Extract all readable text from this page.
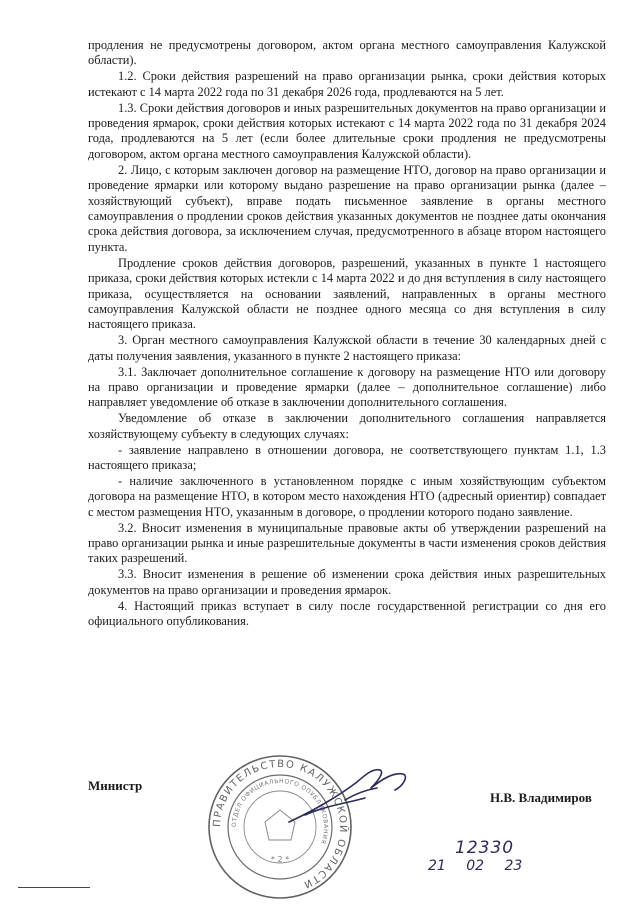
продления не предусмотрены договором, актом органа местного самоуправления Калужской области).

1.2. Сроки действия разрешений на право организации рынка, сроки действия которых истекают с 14 марта 2022 года по 31 декабря 2026 года, продлеваются на 5 лет.

1.3. Сроки действия договоров и иных разрешительных документов на право организации и проведения ярмарок, сроки действия которых истекают с 14 марта 2022 года по 31 декабря 2024 года, продлеваются на 5 лет (если более длительные сроки продления не предусмотрены договором, актом органа местного самоуправления Калужской области).

2. Лицо, с которым заключен договор на размещение НТО, договор на право организации и проведение ярмарки или которому выдано разрешение на право организации рынка (далее – хозяйствующий субъект), вправе подать письменное заявление в органы местного самоуправления о продлении сроков действия указанных документов не позднее даты окончания срока действия договора, за исключением случая, предусмотренного в абзаце втором настоящего пункта.

Продление сроков действия договоров, разрешений, указанных в пункте 1 настоящего приказа, сроки действия которых истекли с 14 марта 2022 и до дня вступления в силу настоящего приказа, осуществляется на основании заявлений, направленных в органы местного самоуправления Калужской области не позднее одного месяца со дня вступления в силу настоящего приказа.

3. Орган местного самоуправления Калужской области в течение 30 календарных дней с даты получения заявления, указанного в пункте 2 настоящего приказа:

3.1. Заключает дополнительное соглашение к договору на размещение НТО или договору на право организации и проведение ярмарки (далее – дополнительное соглашение) либо направляет уведомление об отказе в заключении дополнительного соглашения.

Уведомление об отказе в заключении дополнительного соглашения направляется хозяйствующему субъекту в следующих случаях:

- заявление направлено в отношении договора, не соответствующего пунктам 1.1, 1.3 настоящего приказа;

- наличие заключенного в установленном порядке с иным хозяйствующим субъектом договора на размещение НТО, в котором место нахождения НТО (адресный ориентир) совпадает с местом размещения НТО, указанным в договоре, о продлении которого подано заявление.

3.2. Вносит изменения в муниципальные правовые акты об утверждении разрешений на право организации рынка и иные разрешительные документы в части изменения сроков действия таких разрешений.

3.3. Вносит изменения в решение об изменении срока действия иных разрешительных документов на право организации и проведения ярмарок.

4. Настоящий приказ вступает в силу после государственной регистрации со дня его официального опубликования.

ПРАВИТЕЛЬСТВО КАЛУЖСКОЙ ОБЛАСТИ
ОТДЕЛ ОФИЦИАЛЬНОГО ОПУБЛИКОВАНИЯ
* 2 *
Министр
Н.В. Владимиров
12330
21 02 23
